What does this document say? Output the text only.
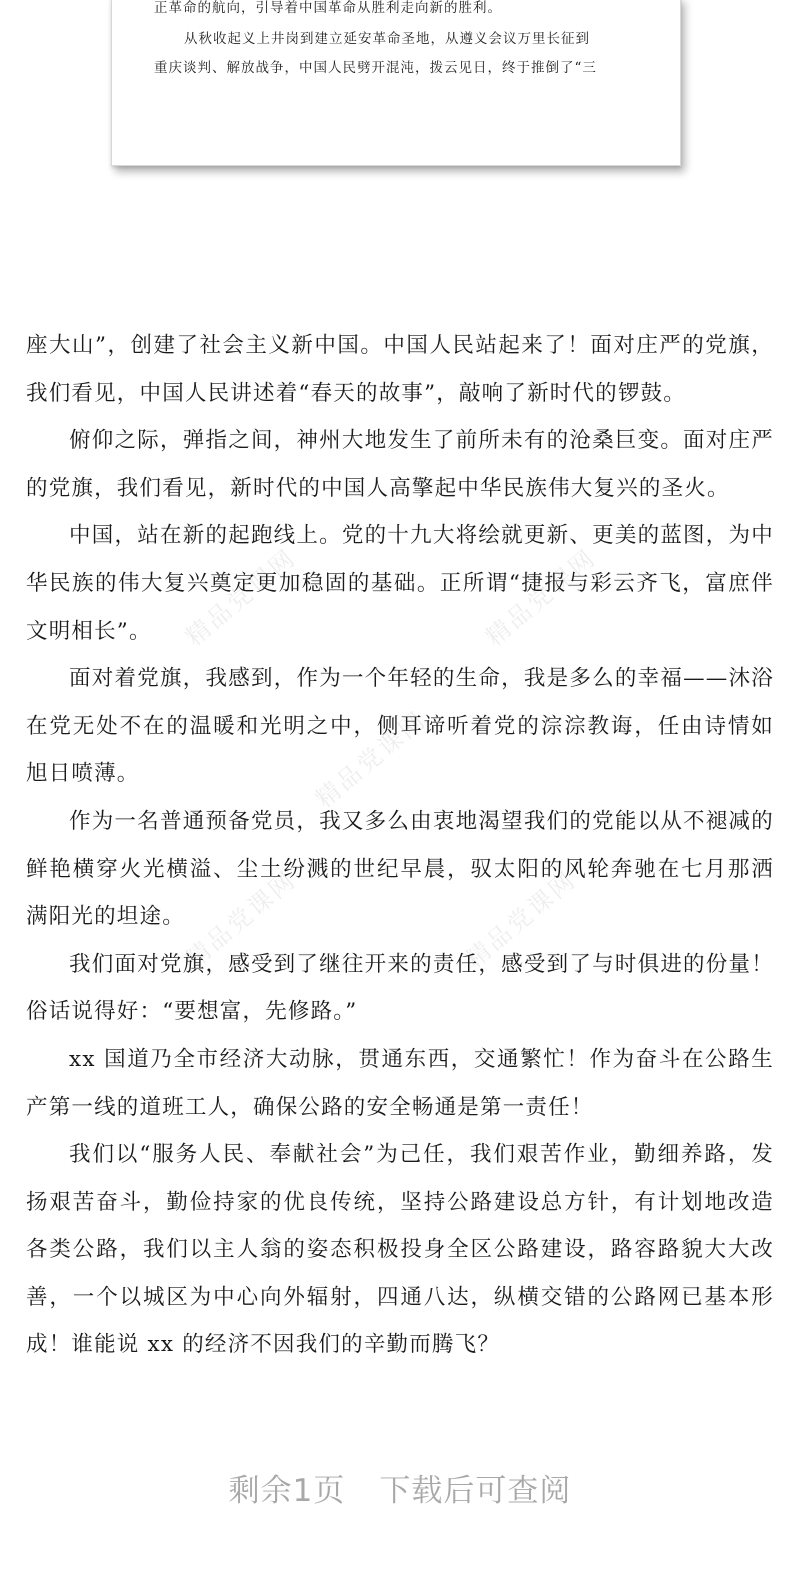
正革命的航向，引导着中国革命从胜利走向新的胜利。
从秋收起义上井岗到建立延安革命圣地，从遵义会议万里长征到
重庆谈判、解放战争，中国人民劈开混沌，拨云见日，终于推倒了“三
精品党课网	精品党课网
精品党课网
精品党课网	精品党课网

座大山”，创建了社会主义新中国。中国人民站起来了！面对庄严的党旗，我们看见，中国人民讲述着“春天的故事”，敲响了新时代的锣鼓。

俯仰之际，弹指之间，神州大地发生了前所未有的沧桑巨变。面对庄严的党旗，我们看见，新时代的中国人高擎起中华民族伟大复兴的圣火。

中国，站在新的起跑线上。党的十九大将绘就更新、更美的蓝图，为中华民族的伟大复兴奠定更加稳固的基础。正所谓“捷报与彩云齐飞，富庶伴文明相长”。

面对着党旗，我感到，作为一个年轻的生命，我是多么的幸福——沐浴在党无处不在的温暖和光明之中，侧耳谛听着党的淙淙教诲，任由诗情如旭日喷薄。

作为一名普通预备党员，我又多么由衷地渴望我们的党能以从不褪减的鲜艳横穿火光横溢、尘土纷溅的世纪早晨，驭太阳的风轮奔驰在七月那洒满阳光的坦途。

我们面对党旗，感受到了继往开来的责任，感受到了与时俱进的份量！俗话说得好：“要想富，先修路。”

xx 国道乃全市经济大动脉，贯通东西，交通繁忙！作为奋斗在公路生产第一线的道班工人，确保公路的安全畅通是第一责任！

我们以“服务人民、奉献社会”为己任，我们艰苦作业，勤细养路，发扬艰苦奋斗，勤俭持家的优良传统，坚持公路建设总方针，有计划地改造各类公路，我们以主人翁的姿态积极投身全区公路建设，路容路貌大大改善，一个以城区为中心向外辐射，四通八达，纵横交错的公路网已基本形成！谁能说 xx 的经济不因我们的辛勤而腾飞？

剩余1页 下载后可查阅
